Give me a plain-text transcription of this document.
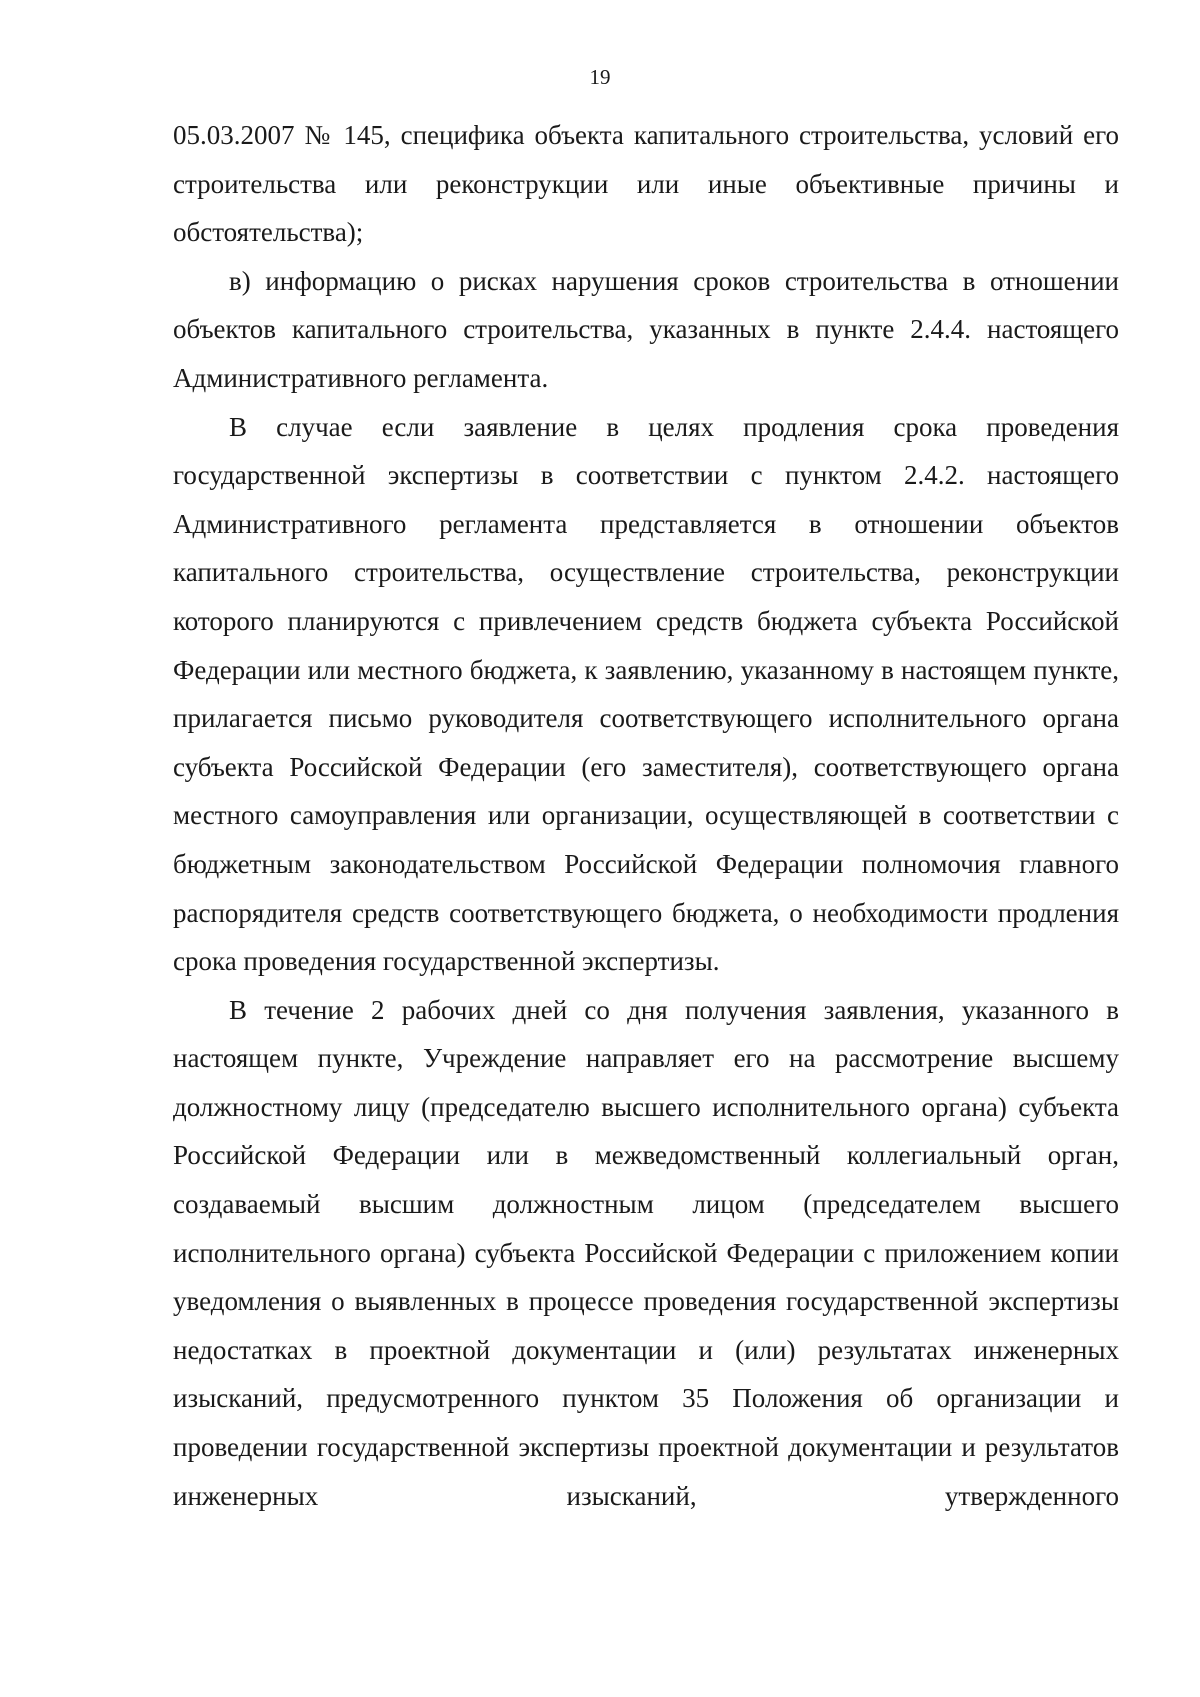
19

05.03.2007 № 145, специфика объекта капитального строительства, условий его строительства или реконструкции или иные объективные причины и обстоятельства);

в) информацию о рисках нарушения сроков строительства в отношении объектов капитального строительства, указанных в пункте 2.4.4. настоящего Административного регламента.

В случае если заявление в целях продления срока проведения государственной экспертизы в соответствии с пунктом 2.4.2. настоящего Административного регламента представляется в отношении объектов капитального строительства, осуществление строительства, реконструкции которого планируются с привлечением средств бюджета субъекта Российской Федерации или местного бюджета, к заявлению, указанному в настоящем пункте, прилагается письмо руководителя соответствующего исполнительного органа субъекта Российской Федерации (его заместителя), соответствующего органа местного самоуправления или организации, осуществляющей в соответствии с бюджетным законодательством Российской Федерации полномочия главного распорядителя средств соответствующего бюджета, о необходимости продления срока проведения государственной экспертизы.

В течение 2 рабочих дней со дня получения заявления, указанного в настоящем пункте, Учреждение направляет его на рассмотрение высшему должностному лицу (председателю высшего исполнительного органа) субъекта Российской Федерации или в межведомственный коллегиальный орган, создаваемый высшим должностным лицом (председателем высшего исполнительного органа) субъекта Российской Федерации с приложением копии уведомления о выявленных в процессе проведения государственной экспертизы недостатках в проектной документации и (или) результатах инженерных изысканий, предусмотренного пунктом 35 Положения об организации и проведении государственной экспертизы проектной документации и результатов инженерных изысканий, утвержденного
